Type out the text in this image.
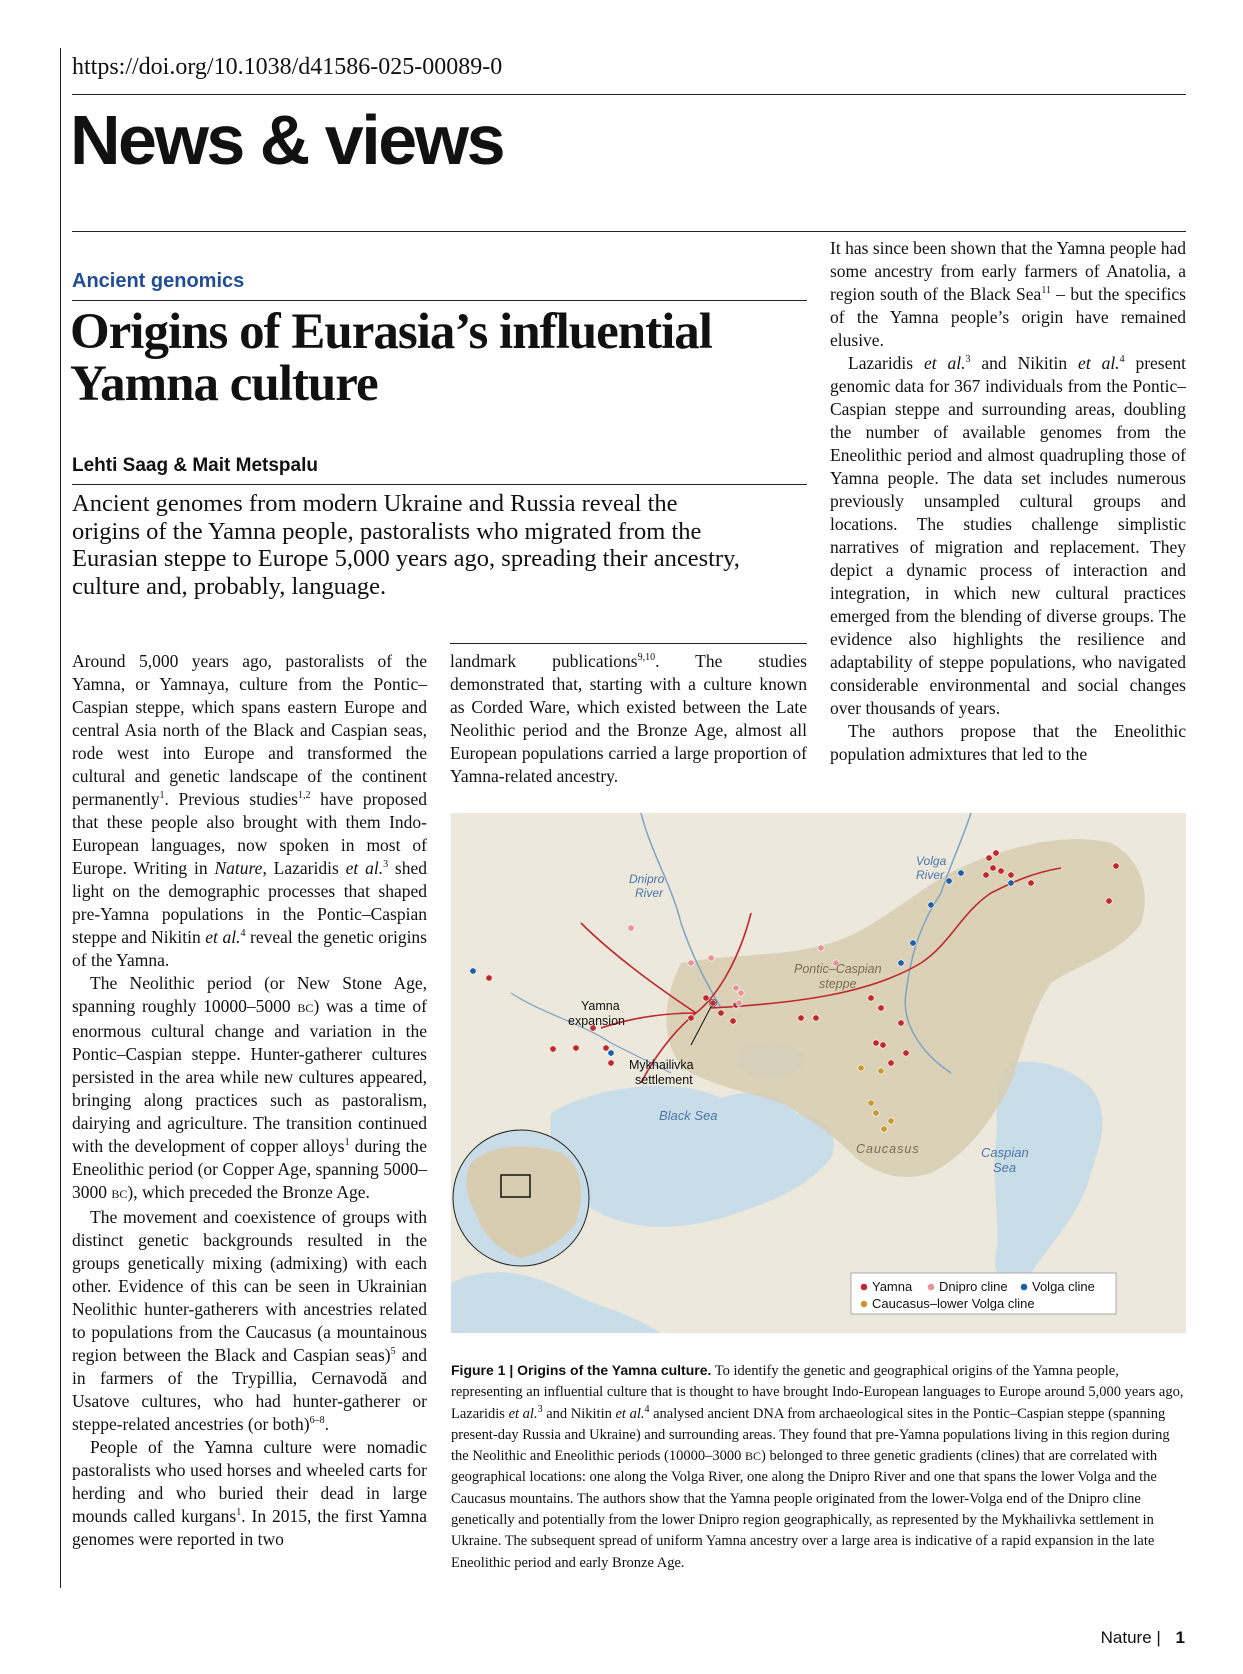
https://doi.org/10.1038/d41586-025-00089-0
News & views
Ancient genomics
Origins of Eurasia’s influential Yamna culture
Lehti Saag & Mait Metspalu
Ancient genomes from modern Ukraine and Russia reveal the origins of the Yamna people, pastoralists who migrated from the Eurasian steppe to Europe 5,000 years ago, spreading their ancestry, culture and, probably, language.

Around 5,000 years ago, pastoralists of the Yamna, or Yamnaya, culture from the Pontic–Caspian steppe, which spans eastern Europe and central Asia north of the Black and Caspian seas, rode west into Europe and transformed the cultural and genetic landscape of the continent permanently$^1$. Previous studies$^{1,2}$ have proposed that these people also brought with them Indo-European languages, now spoken in most of Europe. Writing in Nature, Lazaridis et al.$^3$ shed light on the demographic processes that shaped pre-Yamna populations in the Pontic–Caspian steppe and Nikitin et al.$^4$ reveal the genetic origins of the Yamna.

The Neolithic period (or New Stone Age, spanning roughly 10000–5000 BC) was a time of enormous cultural change and variation in the Pontic–Caspian steppe. Hunter-gatherer cultures persisted in the area while new cultures appeared, bringing along practices such as pastoralism, dairying and agriculture. The transition continued with the development of copper alloys$^1$ during the Eneolithic period (or Copper Age, spanning 5000–3000 BC), which preceded the Bronze Age.

The movement and coexistence of groups with distinct genetic backgrounds resulted in the groups genetically mixing (admixing) with each other. Evidence of this can be seen in Ukrainian Neolithic hunter-gatherers with ancestries related to populations from the Caucasus (a mountainous region between the Black and Caspian seas)$^5$ and in farmers of the Trypillia, Cernavodă and Usatove cultures, who had hunter-gatherer or steppe-related ancestries (or both)$^{6-8}$.

People of the Yamna culture were nomadic pastoralists who used horses and wheeled carts for herding and who buried their dead in large mounds called kurgans$^1$. In 2015, the first Yamna genomes were reported in two

landmark publications$^{9,10}$. The studies demonstrated that, starting with a culture known as Corded Ware, which existed between the Late Neolithic period and the Bronze Age, almost all European populations carried a large proportion of Yamna-related ancestry.

It has since been shown that the Yamna people had some ancestry from early farmers of Anatolia, a region south of the Black Sea$^{11}$ – but the specifics of the Yamna people’s origin have remained elusive.

Lazaridis et al.$^3$ and Nikitin et al.$^4$ present genomic data for 367 individuals from the Pontic–Caspian steppe and surrounding areas, doubling the number of available genomes from the Eneolithic period and almost quadrupling those of Yamna people. The data set includes numerous previously unsampled cultural groups and locations. The studies challenge simplistic narratives of migration and replacement. They depict a dynamic process of interaction and integration, in which new cultural practices emerged from the blending of diverse groups. The evidence also highlights the resilience and adaptability of steppe populations, who navigated considerable environmental and social changes over thousands of years.

The authors propose that the Eneolithic population admixtures that led to the

Dnipro
River
Volga
River
Black Sea
Caspian
Sea
Pontic–Caspian
steppe
Caucasus
Yamna
expansion
Mykhailivka
settlement
Yamna Dnipro cline Volga cline
Caucasus–lower Volga cline
Figure 1 | Origins of the Yamna culture. To identify the genetic and geographical origins of the Yamna people, representing an influential culture that is thought to have brought Indo-European languages to Europe around 5,000 years ago, Lazaridis et al.$^3$ and Nikitin et al.$^4$ analysed ancient DNA from archaeological sites in the Pontic–Caspian steppe (spanning present-day Russia and Ukraine) and surrounding areas. They found that pre-Yamna populations living in this region during the Neolithic and Eneolithic periods (10000–3000 BC) belonged to three genetic gradients (clines) that are correlated with geographical locations: one along the Volga River, one along the Dnipro River and one that spans the lower Volga and the Caucasus mountains. The authors show that the Yamna people originated from the lower-Volga end of the Dnipro cline genetically and potentially from the lower Dnipro region geographically, as represented by the Mykhailivka settlement in Ukraine. The subsequent spread of uniform Yamna ancestry over a large area is indicative of a rapid expansion in the late Eneolithic period and early Bronze Age.
Nature | 1
